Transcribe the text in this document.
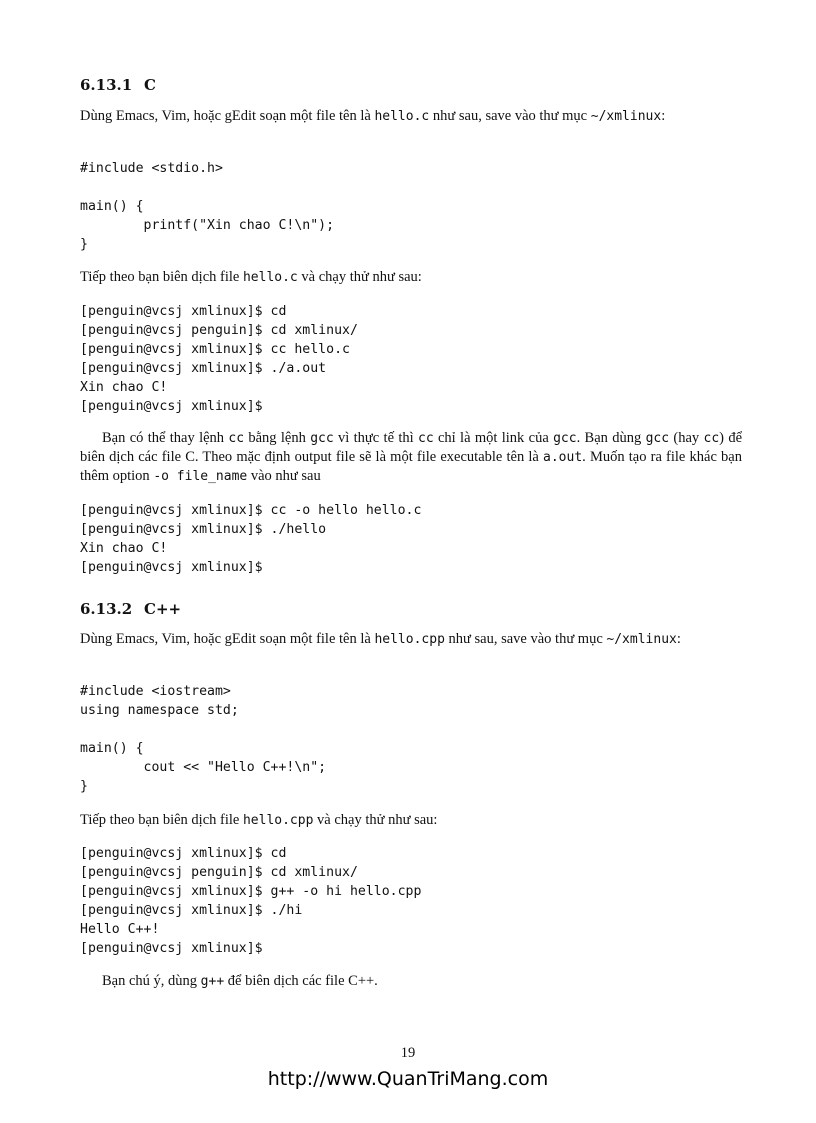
6.13.1 C
Dùng Emacs, Vim, hoặc gEdit soạn một file tên là hello.c như sau, save vào thư mục ~/xmlinux:
#include <stdio.h>

main() {
printf("Xin chao C!\n");
}
Tiếp theo bạn biên dịch file hello.c và chạy thử như sau:
[penguin@vcsj xmlinux]$ cd
[penguin@vcsj penguin]$ cd xmlinux/
[penguin@vcsj xmlinux]$ cc hello.c
[penguin@vcsj xmlinux]$ ./a.out
Xin chao C!
[penguin@vcsj xmlinux]$
Bạn có thể thay lệnh cc bằng lệnh gcc vì thực tế thì cc chỉ là một link của gcc. Bạn dùng gcc (hay cc) để biên dịch các file C. Theo mặc định output file sẽ là một file executable tên là a.out. Muốn tạo ra file khác bạn thêm option -o file_name vào như sau
[penguin@vcsj xmlinux]$ cc -o hello hello.c
[penguin@vcsj xmlinux]$ ./hello
Xin chao C!
[penguin@vcsj xmlinux]$
6.13.2 C++
Dùng Emacs, Vim, hoặc gEdit soạn một file tên là hello.cpp như sau, save vào thư mục ~/xmlinux:
#include <iostream>
using namespace std;

main() {
cout << "Hello C++!\n";
}
Tiếp theo bạn biên dịch file hello.cpp và chạy thử như sau:
[penguin@vcsj xmlinux]$ cd
[penguin@vcsj penguin]$ cd xmlinux/
[penguin@vcsj xmlinux]$ g++ -o hi hello.cpp
[penguin@vcsj xmlinux]$ ./hi
Hello C++!
[penguin@vcsj xmlinux]$
Bạn chú ý, dùng g++ để biên dịch các file C++.
19
http://www.QuanTriMang.com
